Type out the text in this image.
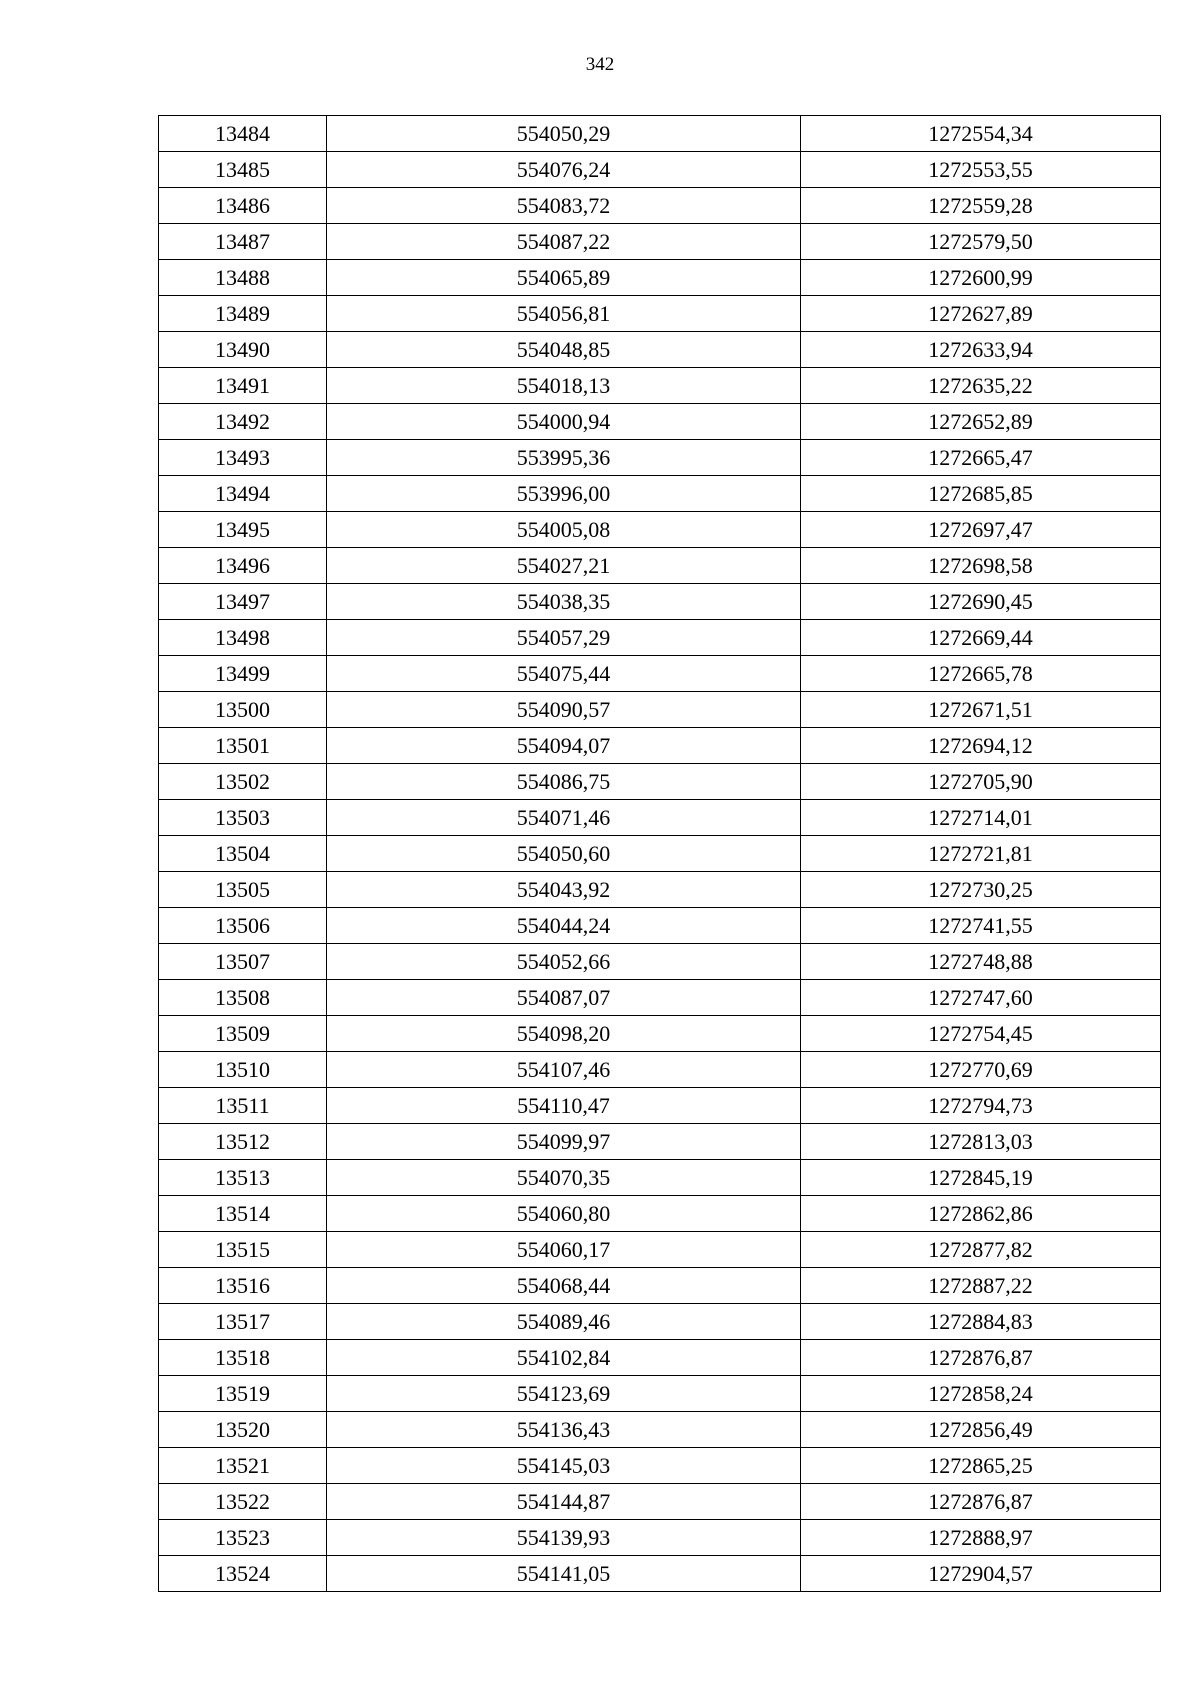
342
13484	554050,29	1272554,34
13485	554076,24	1272553,55
13486	554083,72	1272559,28
13487	554087,22	1272579,50
13488	554065,89	1272600,99
13489	554056,81	1272627,89
13490	554048,85	1272633,94
13491	554018,13	1272635,22
13492	554000,94	1272652,89
13493	553995,36	1272665,47
13494	553996,00	1272685,85
13495	554005,08	1272697,47
13496	554027,21	1272698,58
13497	554038,35	1272690,45
13498	554057,29	1272669,44
13499	554075,44	1272665,78
13500	554090,57	1272671,51
13501	554094,07	1272694,12
13502	554086,75	1272705,90
13503	554071,46	1272714,01
13504	554050,60	1272721,81
13505	554043,92	1272730,25
13506	554044,24	1272741,55
13507	554052,66	1272748,88
13508	554087,07	1272747,60
13509	554098,20	1272754,45
13510	554107,46	1272770,69
13511	554110,47	1272794,73
13512	554099,97	1272813,03
13513	554070,35	1272845,19
13514	554060,80	1272862,86
13515	554060,17	1272877,82
13516	554068,44	1272887,22
13517	554089,46	1272884,83
13518	554102,84	1272876,87
13519	554123,69	1272858,24
13520	554136,43	1272856,49
13521	554145,03	1272865,25
13522	554144,87	1272876,87
13523	554139,93	1272888,97
13524	554141,05	1272904,57
